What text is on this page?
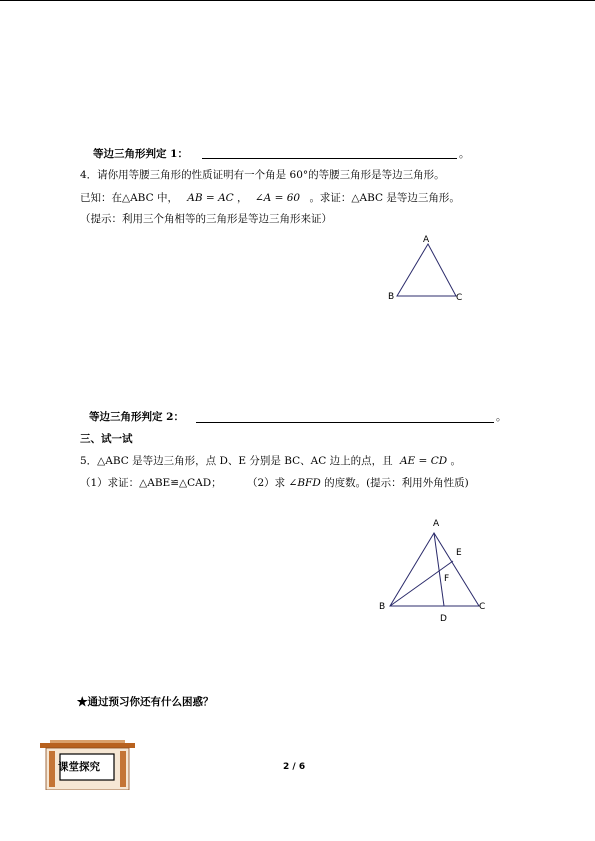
等边三角形判定 1：	。
4．请你用等腰三角形的性质证明有一个角是 60°的等腰三角形是等边三角形。
已知：在△ABC 中， AB = AC ， ∠A = 60 。求证：△ABC 是等边三角形。
（提示：利用三个角相等的三角形是等边三角形来证）
A
B	C
等边三角形判定 2：	。
三、试一试
5．△ABC 是等边三角形，点 D、E 分别是 BC、AC 边上的点，且 AE = CD 。
（1）求证：△ABE≌△CAD； （2）求 ∠BFD 的度数。(提示：利用外角性质)
A
B	C
D
E
F
★通过预习你还有什么困惑？
课堂探究	2 / 6
